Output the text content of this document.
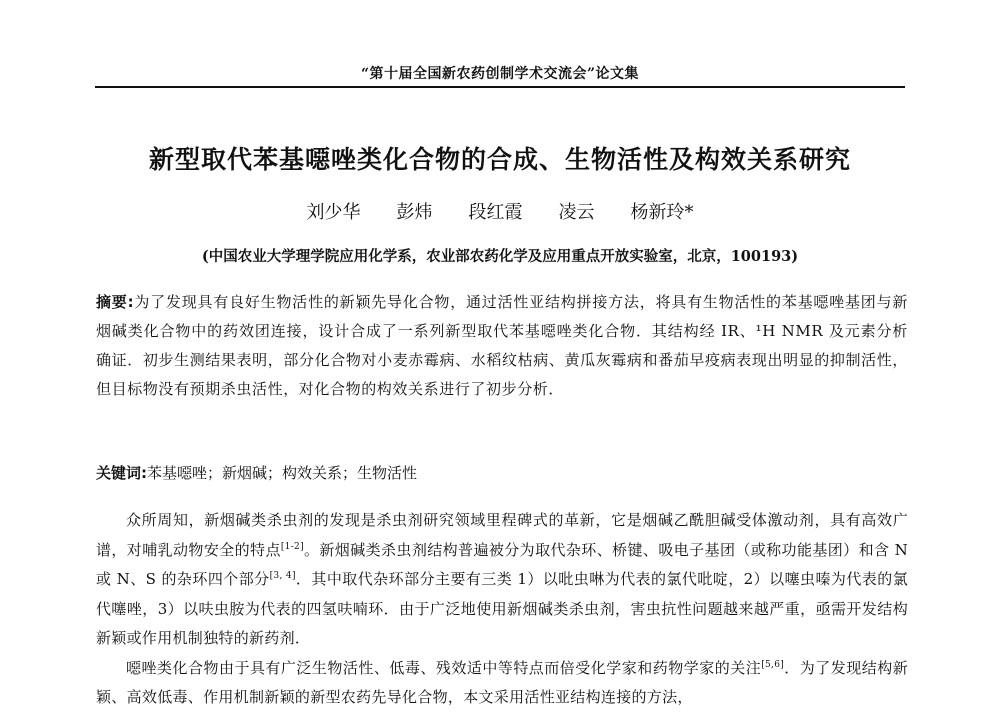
“第十届全国新农药创制学术交流会”论文集
新型取代苯基噁唑类化合物的合成、生物活性及构效关系研究
刘少华 彭炜 段红霞 凌云 杨新玲*
(中国农业大学理学院应用化学系，农业部农药化学及应用重点开放实验室，北京，100193)
摘要:为了发现具有良好生物活性的新颖先导化合物，通过活性亚结构拼接方法，将具有生物活性的苯基噁唑基团与新烟碱类化合物中的药效团连接，设计合成了一系列新型取代苯基噁唑类化合物．其结构经 IR、¹H NMR 及元素分析确证．初步生测结果表明，部分化合物对小麦赤霉病、水稻纹枯病、黄瓜灰霉病和番茄早疫病表现出明显的抑制活性，但目标物没有预期杀虫活性，对化合物的构效关系进行了初步分析．
关键词:苯基噁唑；新烟碱；构效关系；生物活性

众所周知，新烟碱类杀虫剂的发现是杀虫剂研究领域里程碑式的革新，它是烟碱乙酰胆碱受体激动剂，具有高效广谱，对哺乳动物安全的特点[1-2]。新烟碱类杀虫剂结构普遍被分为取代杂环、桥键、吸电子基团（或称功能基团）和含 N 或 N、S 的杂环四个部分[3, 4]．其中取代杂环部分主要有三类 1）以吡虫啉为代表的氯代吡啶，2）以噻虫嗪为代表的氯代噻唑，3）以呋虫胺为代表的四氢呋喃环．由于广泛地使用新烟碱类杀虫剂，害虫抗性问题越来越严重，亟需开发结构新颖或作用机制独特的新药剂．

噁唑类化合物由于具有广泛生物活性、低毒、残效适中等特点而倍受化学家和药物学家的关注[5,6]．为了发现结构新颖、高效低毒、作用机制新颖的新型农药先导化合物，本文采用活性亚结构连接的方法，
